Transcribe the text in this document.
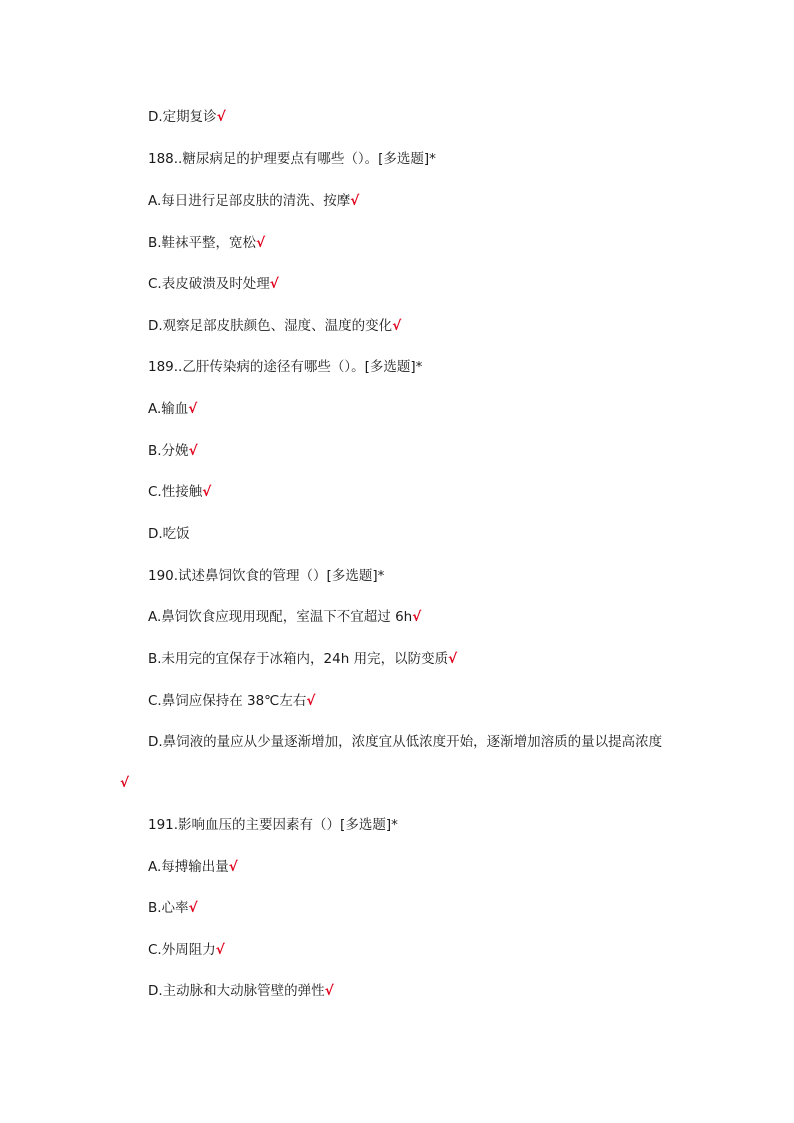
D.定期复诊√
188..糖尿病足的护理要点有哪些（）。[多选题]*
A.每日进行足部皮肤的清洗、按摩√
B.鞋袜平整，宽松√
C.表皮破溃及时处理√
D.观察足部皮肤颜色、湿度、温度的变化√
189..乙肝传染病的途径有哪些（）。[多选题]*
A.输血√
B.分娩√
C.性接触√
D.吃饭
190.试述鼻饲饮食的管理（）[多选题]*
A.鼻饲饮食应现用现配，室温下不宜超过 6h√
B.未用完的宜保存于冰箱内，24h 用完，以防变质√
C.鼻饲应保持在 38℃左右√
D.鼻饲液的量应从少量逐渐增加，浓度宜从低浓度开始，逐渐增加溶质的量以提高浓度
191.影响血压的主要因素有（）[多选题]*
A.每搏输出量√
B.心率√
C.外周阻力√
D.主动脉和大动脉管壁的弹性√
√
